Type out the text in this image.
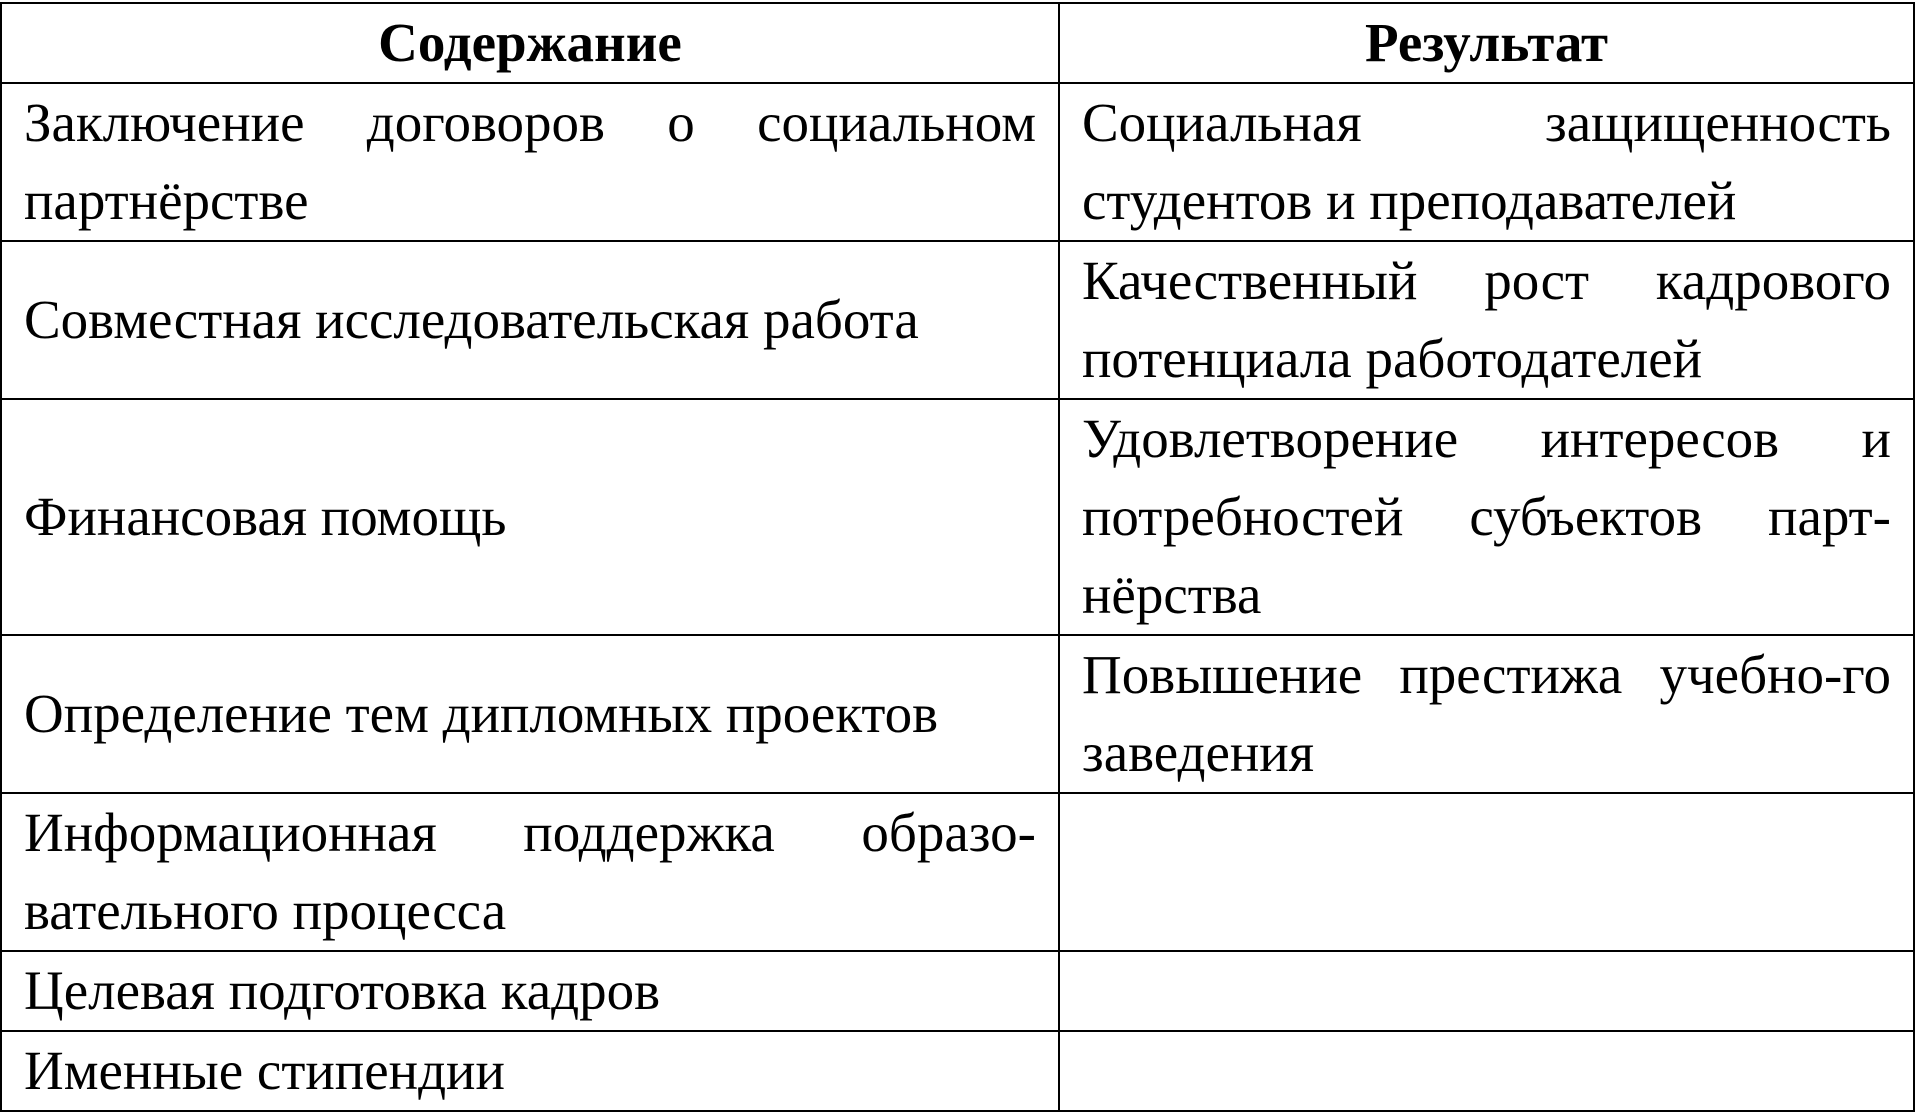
Содержание	Результат
Заключение договоров о социальном партнёрстве	Социальная защищенность студентов и преподавателей
Совместная исследовательская работа	Качественный рост кадрового потенциала работодателей
Финансовая помощь	Удовлетворение интересов и потребностей субъектов парт-нёрства
Определение тем дипломных проектов	Повышение престижа учебно-го заведения
Информационная поддержка образо-вательного процесса	
Целевая подготовка кадров	
Именные стипендии	
